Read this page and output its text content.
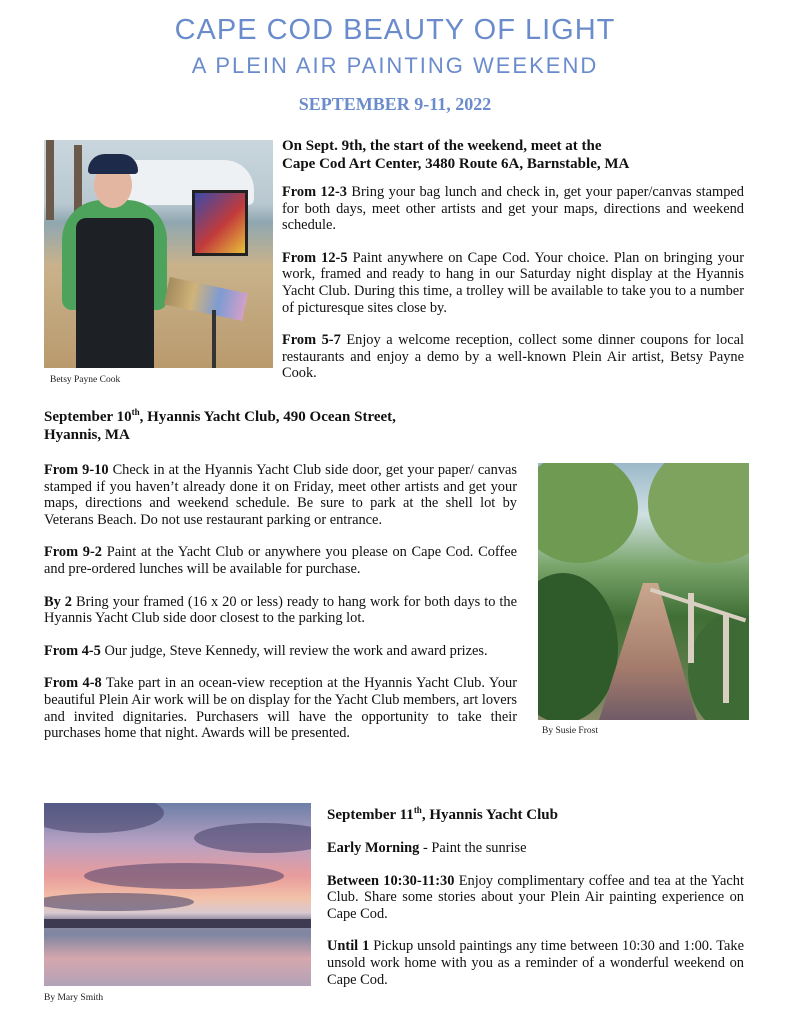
CAPE COD BEAUTY OF LIGHT
A PLEIN AIR PAINTING WEEKEND
SEPTEMBER 9-11, 2022
Betsy Payne Cook
On Sept. 9th, the start of the weekend, meet at the
Cape Cod Art Center, 3480 Route 6A, Barnstable, MA

From 12-3 Bring your bag lunch and check in, get your paper/canvas stamped for both days, meet other artists and get your maps, directions and weekend schedule.

From 12-5 Paint anywhere on Cape Cod. Your choice. Plan on bringing your work, framed and ready to hang in our Saturday night display at the Hyannis Yacht Club. During this time, a trolley will be available to take you to a number of picturesque sites close by.

From 5-7 Enjoy a welcome reception, collect some dinner coupons for local restaurants and enjoy a demo by a well-known Plein Air artist, Betsy Payne Cook.

September 10th, Hyannis Yacht Club, 490 Ocean Street,
Hyannis, MA

From 9-10 Check in at the Hyannis Yacht Club side door, get your paper/ canvas stamped if you haven’t already done it on Friday, meet other artists and get your maps, directions and weekend schedule. Be sure to park at the shell lot by Veterans Beach. Do not use restaurant parking or entrance.

From 9-2 Paint at the Yacht Club or anywhere you please on Cape Cod. Coffee and pre-ordered lunches will be available for purchase.

By 2 Bring your framed (16 x 20 or less) ready to hang work for both days to the Hyannis Yacht Club side door closest to the parking lot.

From 4-5 Our judge, Steve Kennedy, will review the work and award prizes.

From 4-8 Take part in an ocean-view reception at the Hyannis Yacht Club. Your beautiful Plein Air work will be on display for the Yacht Club members, art lovers and invited dignitaries. Purchasers will have the opportunity to take their purchases home that night. Awards will be presented.	By Susie Frost
By Mary Smith
September 11th, Hyannis Yacht Club

Early Morning - Paint the sunrise

Between 10:30-11:30 Enjoy complimentary coffee and tea at the Yacht Club. Share some stories about your Plein Air painting experience on Cape Cod.

Until 1 Pickup unsold paintings any time between 10:30 and 1:00. Take unsold work home with you as a reminder of a wonderful weekend on Cape Cod.
